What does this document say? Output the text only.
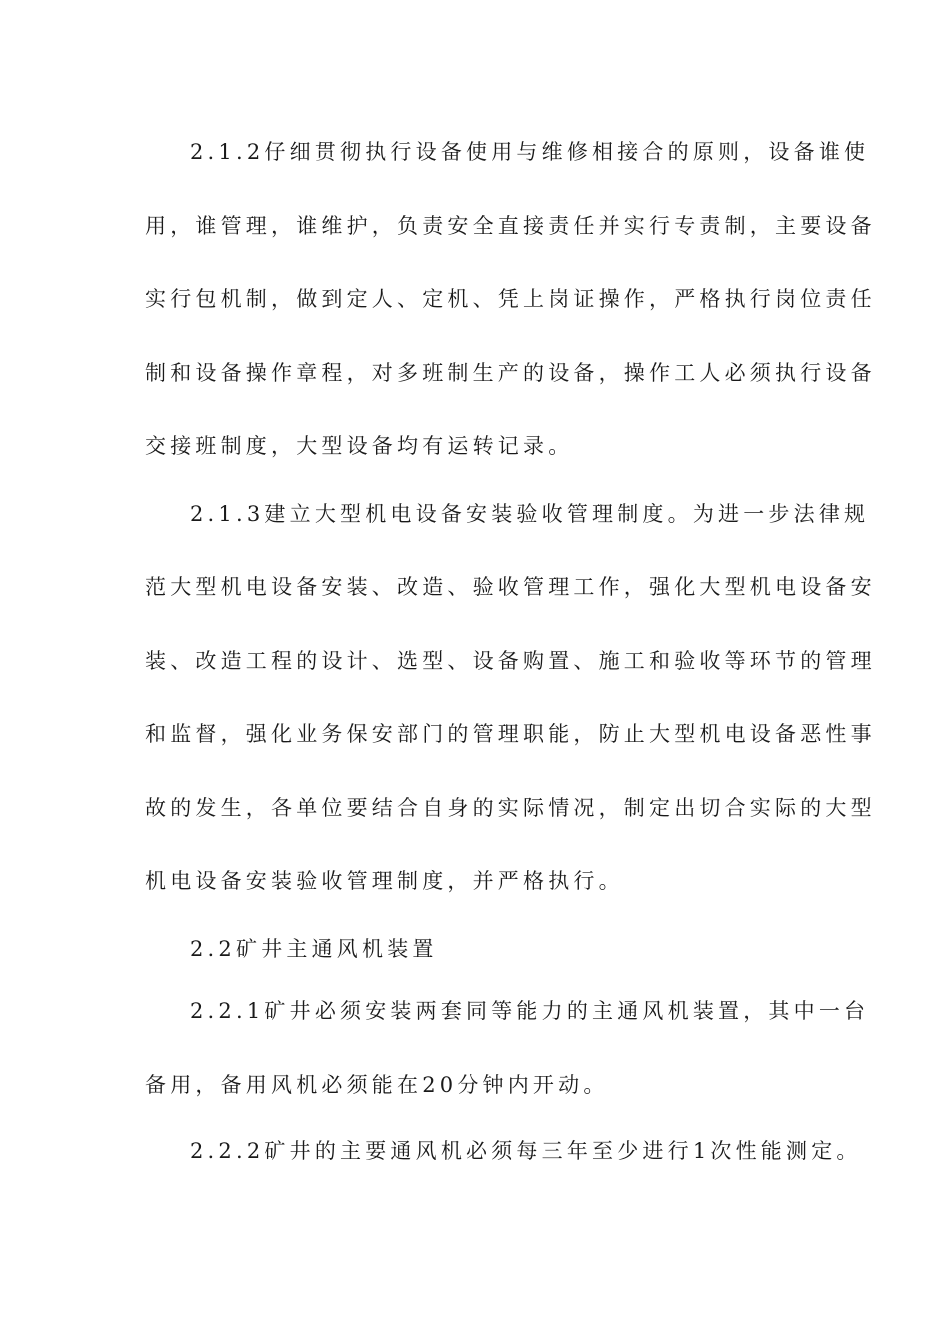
2.1.2仔细贯彻执行设备使用与维修相接合的原则，设备谁使
用，谁管理，谁维护，负责安全直接责任并实行专责制，主要设备
实行包机制，做到定人、定机、凭上岗证操作，严格执行岗位责任
制和设备操作章程，对多班制生产的设备，操作工人必须执行设备
交接班制度，大型设备均有运转记录。
2.1.3建立大型机电设备安装验收管理制度。为进一步法律规
范大型机电设备安装、改造、验收管理工作，强化大型机电设备安
装、改造工程的设计、选型、设备购置、施工和验收等环节的管理
和监督，强化业务保安部门的管理职能，防止大型机电设备恶性事
故的发生，各单位要结合自身的实际情况，制定出切合实际的大型
机电设备安装验收管理制度，并严格执行。
2.2矿井主通风机装置
2.2.1矿井必须安装两套同等能力的主通风机装置，其中一台
备用，备用风机必须能在20分钟内开动。
2.2.2矿井的主要通风机必须每三年至少进行1次性能测定。
